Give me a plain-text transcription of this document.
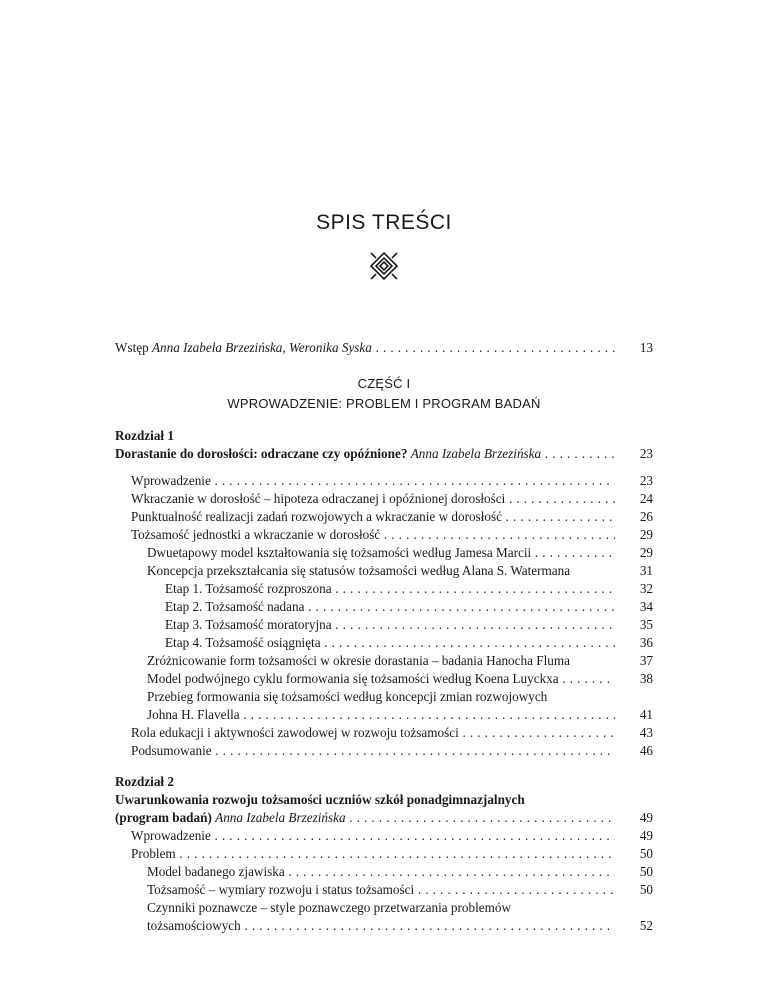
SPIS TREŚCI
Wstęp Anna Izabela Brzezińska, Weronika Syska . . .	13
CZĘŚĆ I
WPROWADZENIE: PROBLEM I PROGRAM BADAŃ
Rozdział 1
Dorastanie do dorosłości: odraczane czy opóźnione? Anna Izabela Brzezińska . . .	23
Wprowadzenie . . .	23
Wkraczanie w dorosłość – hipoteza odraczanej i opóźnionej dorosłości . . .	24
Punktualność realizacji zadań rozwojowych a wkraczanie w dorosłość . . .	26
Tożsamość jednostki a wkraczanie w dorosłość . . .	29
Dwuetapowy model kształtowania się tożsamości według Jamesa Marcii . . .	29
Koncepcja przekształcania się statusów tożsamości według Alana S. Watermana	31
Etap 1. Tożsamość rozproszona . . .	32
Etap 2. Tożsamość nadana . . .	34
Etap 3. Tożsamość moratoryjna . . .	35
Etap 4. Tożsamość osiągnięta . . .	36
Zróżnicowanie form tożsamości w okresie dorastania – badania Hanocha Fluma	37
Model podwójnego cyklu formowania się tożsamości według Koena Luyckxa . . .	38
Przebieg formowania się tożsamości według koncepcji zmian rozwojowych
Johna H. Flavella . . .	41
Rola edukacji i aktywności zawodowej w rozwoju tożsamości . . .	43
Podsumowanie . . .	46
Rozdział 2
Uwarunkowania rozwoju tożsamości uczniów szkół ponadgimnazjalnych
(program badań) Anna Izabela Brzezińska . . .	49
Wprowadzenie . . .	49
Problem . . .	50
Model badanego zjawiska . . .	50
Tożsamość – wymiary rozwoju i status tożsamości . . .	50
Czynniki poznawcze – style poznawczego przetwarzania problemów
tożsamościowych . . .	52
